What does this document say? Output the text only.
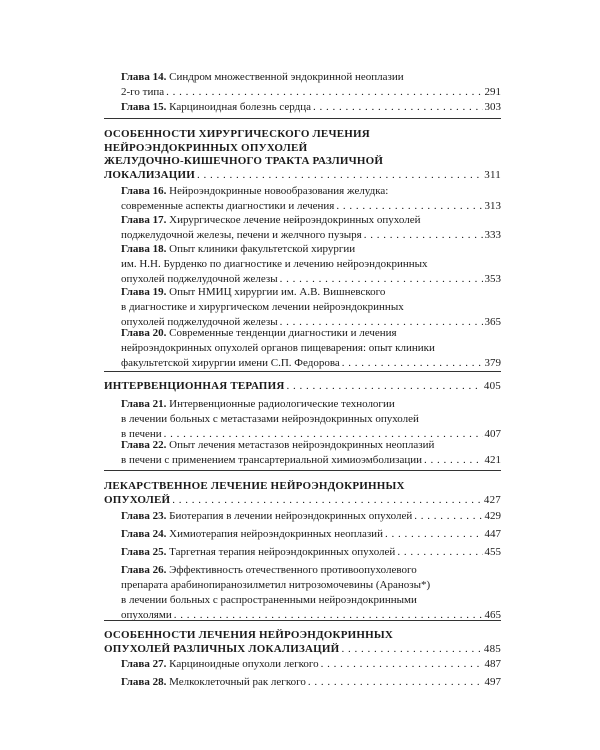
Глава 14. Синдром множественной эндокринной неоплазии
2-го типа . . .	291
Глава 15. Карциноидная болезнь сердца . . .	303
ОСОБЕННОСТИ ХИРУРГИЧЕСКОГО ЛЕЧЕНИЯ
НЕЙРОЭНДОКРИННЫХ ОПУХОЛЕЙ
ЖЕЛУДОЧНО-КИШЕЧНОГО ТРАКТА РАЗЛИЧНОЙ
ЛОКАЛИЗАЦИИ . . .	311
Глава 16. Нейроэндокринные новообразования желудка:
современные аспекты диагностики и лечения . . .	313
Глава 17. Хирургическое лечение нейроэндокринных опухолей
поджелудочной железы, печени и желчного пузыря . . .	333
Глава 18. Опыт клиники факультетской хирургии
им. Н.Н. Бурденко по диагностике и лечению нейроэндокринных
опухолей поджелудочной железы . . .	353
Глава 19. Опыт НМИЦ хирургии им. А.В. Вишневского
в диагностике и хирургическом лечении нейроэндокринных
опухолей поджелудочной железы . . .	365
Глава 20. Современные тенденции диагностики и лечения
нейроэндокринных опухолей органов пищеварения: опыт клиники
факультетской хирургии имени С.П. Федорова . . .	379
ИНТЕРВЕНЦИОННАЯ ТЕРАПИЯ . . .	405
Глава 21. Интервенционные радиологические технологии
в лечении больных с метастазами нейроэндокринных опухолей
в печени . . .	407
Глава 22. Опыт лечения метастазов нейроэндокринных неоплазий
в печени с применением трансартериальной химиоэмболизации . . .	421
ЛЕКАРСТВЕННОЕ ЛЕЧЕНИЕ НЕЙРОЭНДОКРИННЫХ
ОПУХОЛЕЙ . . .	427
Глава 23. Биотерапия в лечении нейроэндокринных опухолей . . .	429
Глава 24. Химиотерапия нейроэндокринных неоплазий . . .	447
Глава 25. Таргетная терапия нейроэндокринных опухолей . . .	455
Глава 26. Эффективность отечественного противоопухолевого
препарата арабинопиранозилметил нитрозомочевины (Аранозы*)
в лечении больных с распространенными нейроэндокринными
опухолями . . .	465
ОСОБЕННОСТИ ЛЕЧЕНИЯ НЕЙРОЭНДОКРИННЫХ
ОПУХОЛЕЙ РАЗЛИЧНЫХ ЛОКАЛИЗАЦИЙ . . .	485
Глава 27. Карциноидные опухоли легкого . . .	487
Глава 28. Мелкоклеточный рак легкого . . .	497
